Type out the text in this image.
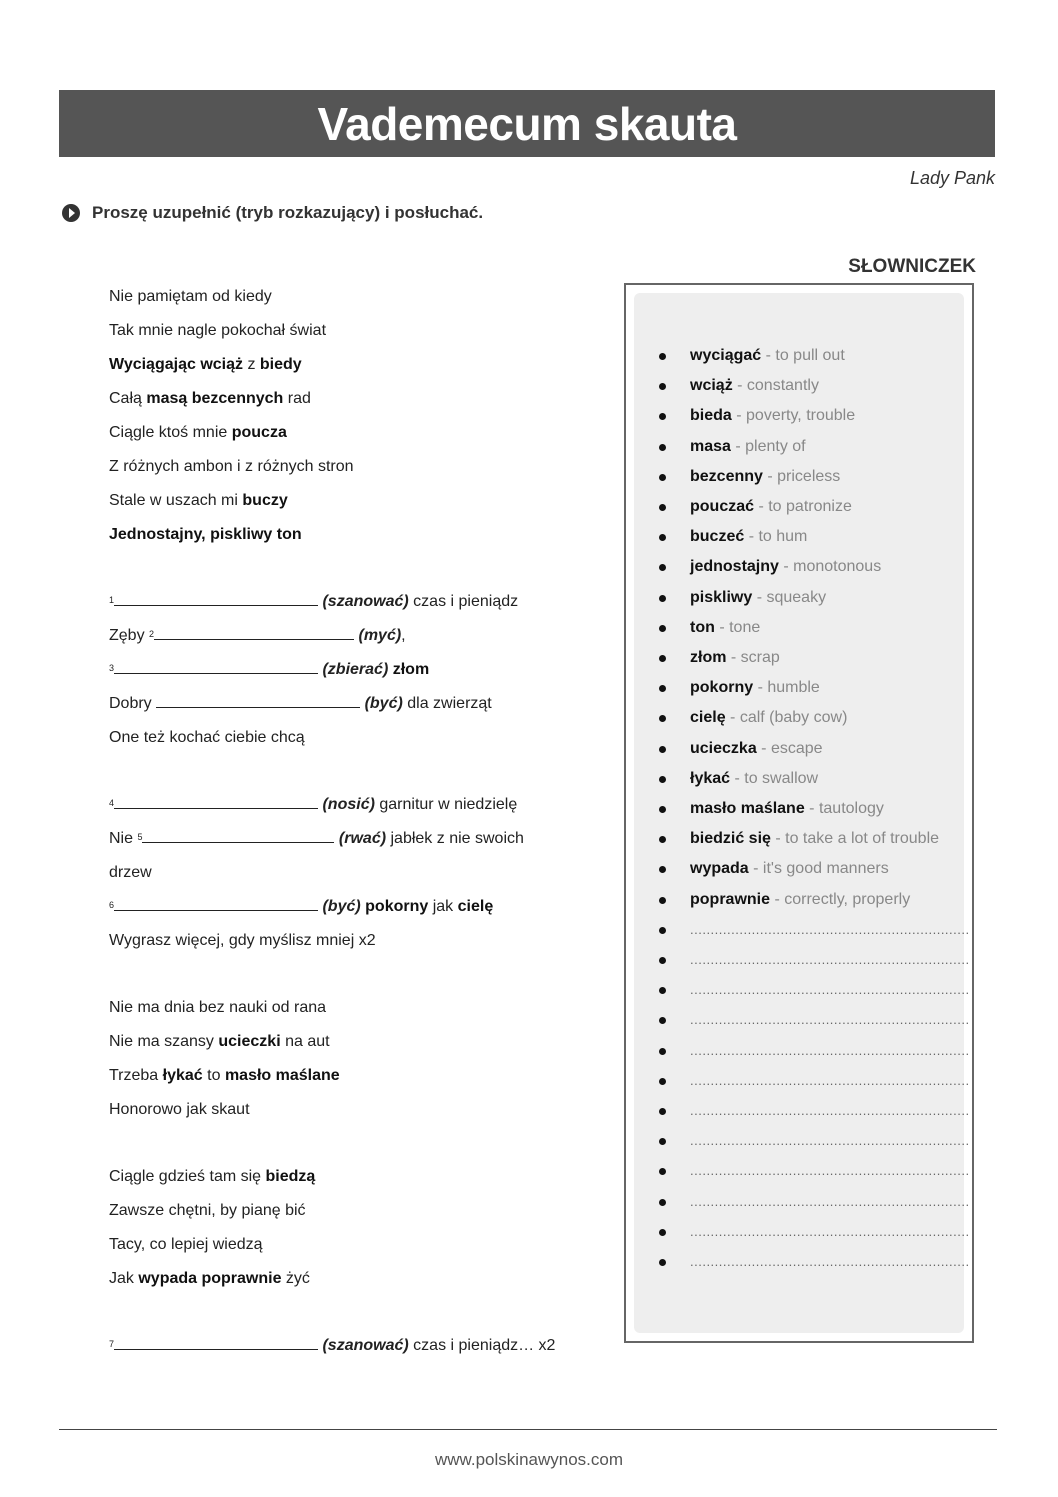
Vademecum skauta
Lady Pank
Proszę uzupełnić (tryb rozkazujący) i posłuchać.
Nie pamiętam od kiedy
Tak mnie nagle pokochał świat
Wyciągając wciąż z biedy
Całą masą bezcennych rad
Ciągle ktoś mnie poucza
Z różnych ambon i z różnych stron
Stale w uszach mi buczy
Jednostajny, piskliwy ton
$^1$	(szanować) czas i pieniądz
Zęby $^2$	(myć),
$^3$	(zbierać) złom
Dobry	(być) dla zwierząt
One też kochać ciebie chcą
$^4$	(nosić) garnitur w niedzielę
Nie $^5$	(rwać) jabłek z nie swoich
drzew
$^6$	(być) pokorny jak cielę
Wygrasz więcej, gdy myślisz mniej x2
Nie ma dnia bez nauki od rana
Nie ma szansy ucieczki na aut
Trzeba łykać to masło maślane
Honorowo jak skaut
Ciągle gdzieś tam się biedzą
Zawsze chętni, by pianę bić
Tacy, co lepiej wiedzą
Jak wypada poprawnie żyć
$^7$	(szanować) czas i pieniądz… x2
SŁOWNICZEK
wyciągać - to pull out
wciąż - constantly
bieda - poverty, trouble
masa - plenty of
bezcenny - priceless
pouczać - to patronize
buczeć - to hum
jednostajny - monotonous
piskliwy - squeaky
ton - tone
złom - scrap
pokorny - humble
cielę - calf (baby cow)
ucieczka - escape
łykać - to swallow
masło maślane - tautology
biedzić się - to take a lot of trouble
wypada - it's good manners
poprawnie - correctly, properly
....................................................................
....................................................................
....................................................................
....................................................................
....................................................................
....................................................................
....................................................................
....................................................................
....................................................................
....................................................................
....................................................................
....................................................................
www.polskinawynos.com
